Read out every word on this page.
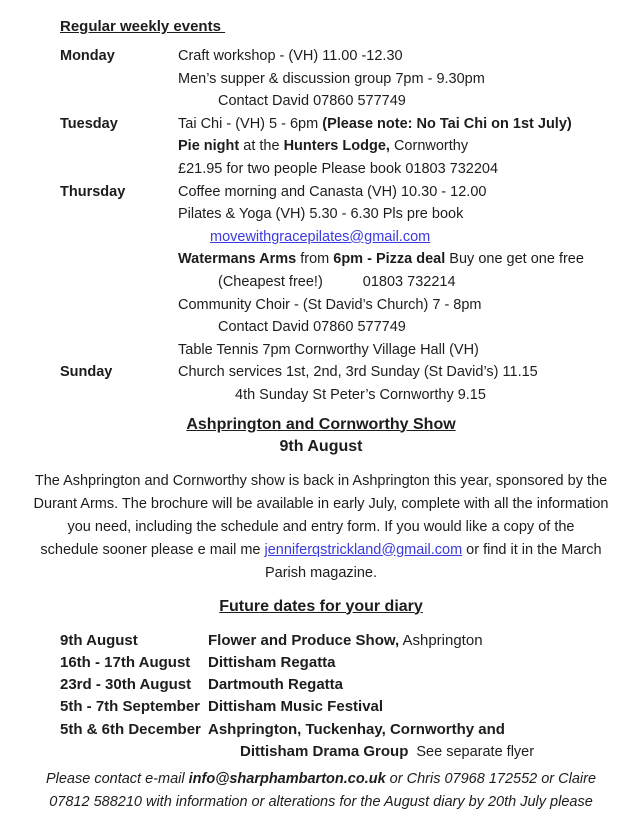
Regular weekly events
Monday	Craft workshop - (VH) 11.00 -12.30
Men’s supper & discussion group 7pm - 9.30pm
Contact David 07860 577749
Tuesday	Tai Chi - (VH) 5 - 6pm (Please note: No Tai Chi on 1st July)
Pie night at the Hunters Lodge, Cornworthy
£21.95 for two people Please book 01803 732204
Thursday	Coffee morning and Canasta (VH) 10.30 - 12.00
Pilates & Yoga (VH) 5.30 - 6.30 Pls pre book
movewithgracepilates@gmail.com
Watermans Arms from 6pm - Pizza deal Buy one get one free
(Cheapest free!)	01803 732214
Community Choir - (St David’s Church) 7 - 8pm
Contact David 07860 577749
Table Tennis 7pm Cornworthy Village Hall (VH)
Sunday	Church services 1st, 2nd, 3rd Sunday (St David’s) 11.15
4th Sunday St Peter’s Cornworthy 9.15
Ashprington and Cornworthy Show
9th August
The Ashprington and Cornworthy show is back in Ashprington this year, sponsored by the
Durant Arms. The brochure will be available in early July, complete with all the information
you need, including the schedule and entry form. If you would like a copy of the
schedule sooner please e mail me jenniferqstrickland@gmail.com or find it in the March
Parish magazine.
Future dates for your diary
9th August	Flower and Produce Show, Ashprington
16th - 17th August	Dittisham Regatta
23rd - 30th August	Dartmouth Regatta
5th - 7th September Dittisham Music Festival
5th & 6th December Ashprington, Tuckenhay, Cornworthy and
Dittisham Drama Group See separate flyer
Please contact e-mail info@sharphambarton.co.uk or Chris 07968 172552 or Claire
07812 588210 with information or alterations for the August diary by 20th July please
